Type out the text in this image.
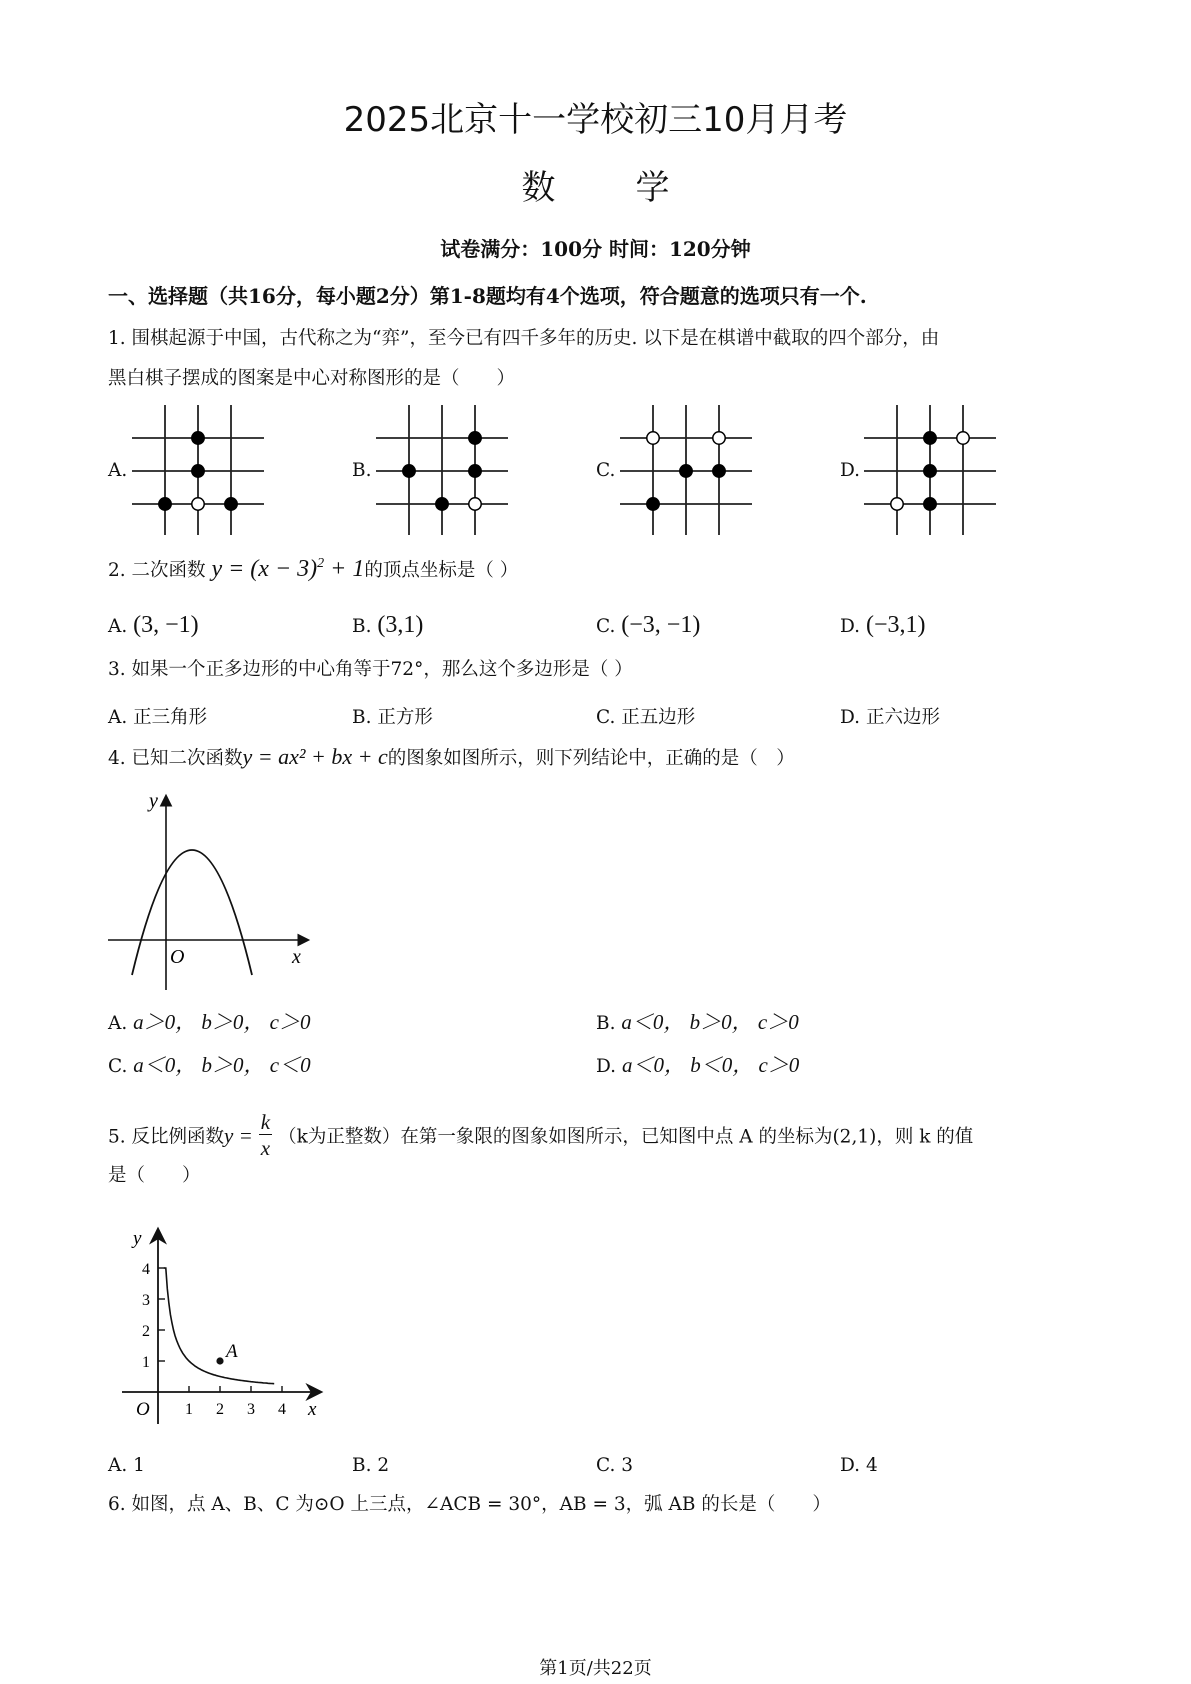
2025北京十一学校初三10月月考
数 学
试卷满分：100分 时间：120分钟
一、选择题（共16分，每小题2分）第1-8题均有4个选项，符合题意的选项只有一个.
1. 围棋起源于中国，古代称之为“弈”，至今已有四千多年的历史. 以下是在棋谱中截取的四个部分，由
黑白棋子摆成的图案是中心对称图形的是（　　）
A.	B.	C.	D.
2. 二次函数 $y = (x - 3)^2 + 1$的顶点坐标是（ ）
A. (3, −1)	B. (3,1)	C. (−3, −1)	D. (−3,1)
3. 如果一个正多边形的中心角等于72°，那么这个多边形是（ ）
A. 正三角形	B. 正方形	C. 正五边形	D. 正六边形
4. 已知二次函数y = ax² + bx + c的图象如图所示，则下列结论中，正确的是（　）
y
x
O
A. a＞0， b＞0， c＞0	B. a＜0， b＞0， c＞0
C. a＜0， b＞0， c＜0	D. a＜0， b＜0， c＞0
5. 反比例函数$y = \frac{k}{x} (k$为正整数）在第一象限的图象如图所示，已知图中点 A 的坐标为(2,1)，则 k 的值
是（　　）
1 2 3 4
1
2
3
4
A
y
x
O
A. 1	B. 2	C. 3	D. 4
6. 如图，点 A、B、C 为⊙O 上三点，∠ACB = 30°，AB = 3，弧 AB 的长是（　　）
第1页/共22页
